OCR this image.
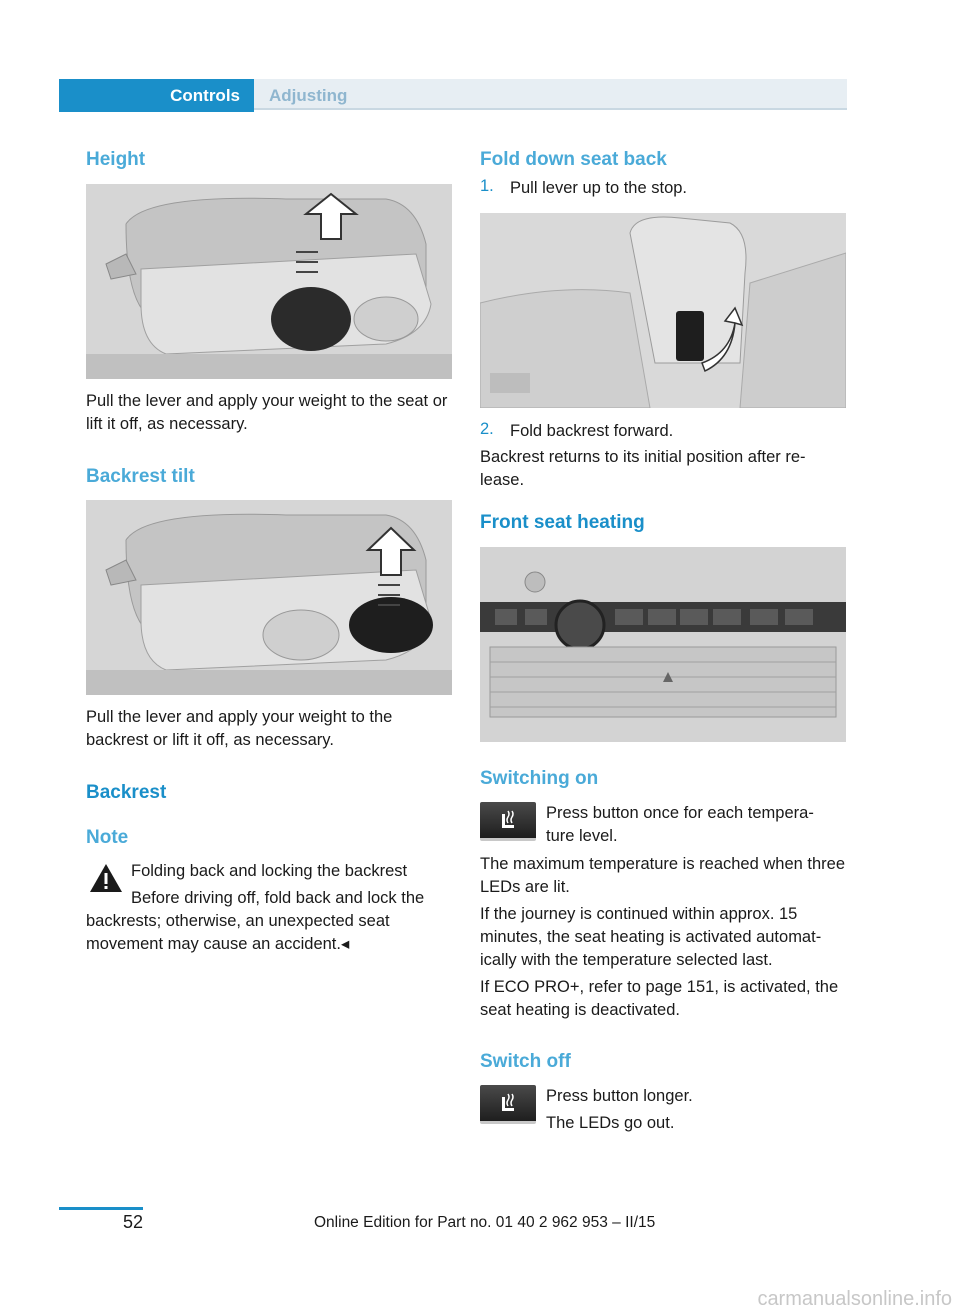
Controls	Adjusting
Height

Pull the lever and apply your weight to the seat or lift it off, as necessary.

Backrest tilt

Pull the lever and apply your weight to the backrest or lift it off, as necessary.

Backrest
Note

Folding back and locking the backrest

Before driving off, fold back and lock the

backrests; otherwise, an unexpected seat movement may cause an accident.◂

Fold down seat back
1. Pull lever up to the stop.

2. Fold backrest forward.

Backrest returns to its initial position after re‐ lease.

Front seat heating
Switching on

Press button once for each tempera‐

ture level.

The maximum temperature is reached when three LEDs are lit.

If the journey is continued within approx. 15 minutes, the seat heating is activated automat‐ ically with the temperature selected last.

If ECO PRO+, refer to page 151, is activated, the seat heating is deactivated.

Switch off

Press button longer.

The LEDs go out.

52	Online Edition for Part no. 01 40 2 962 953 – II/15
carmanualsonline.info
